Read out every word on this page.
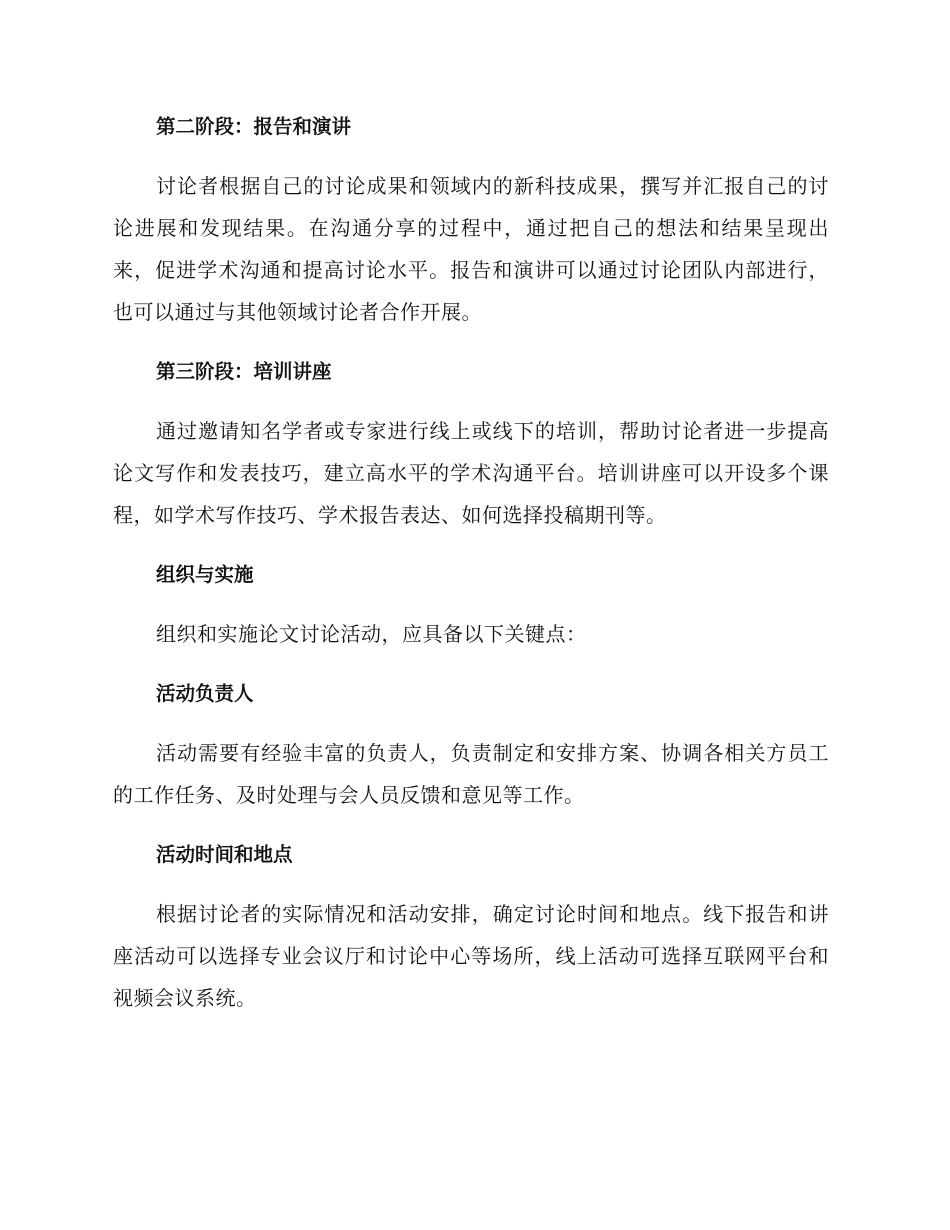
第二阶段：报告和演讲

讨论者根据自己的讨论成果和领域内的新科技成果，撰写并汇报自己的讨论进展和发现结果。在沟通分享的过程中，通过把自己的想法和结果呈现出来，促进学术沟通和提高讨论水平。报告和演讲可以通过讨论团队内部进行，也可以通过与其他领域讨论者合作开展。

第三阶段：培训讲座

通过邀请知名学者或专家进行线上或线下的培训，帮助讨论者进一步提高论文写作和发表技巧，建立高水平的学术沟通平台。培训讲座可以开设多个课程，如学术写作技巧、学术报告表达、如何选择投稿期刊等。

组织与实施

组织和实施论文讨论活动，应具备以下关键点：

活动负责人

活动需要有经验丰富的负责人，负责制定和安排方案、协调各相关方员工的工作任务、及时处理与会人员反馈和意见等工作。

活动时间和地点

根据讨论者的实际情况和活动安排，确定讨论时间和地点。线下报告和讲座活动可以选择专业会议厅和讨论中心等场所，线上活动可选择互联网平台和视频会议系统。
